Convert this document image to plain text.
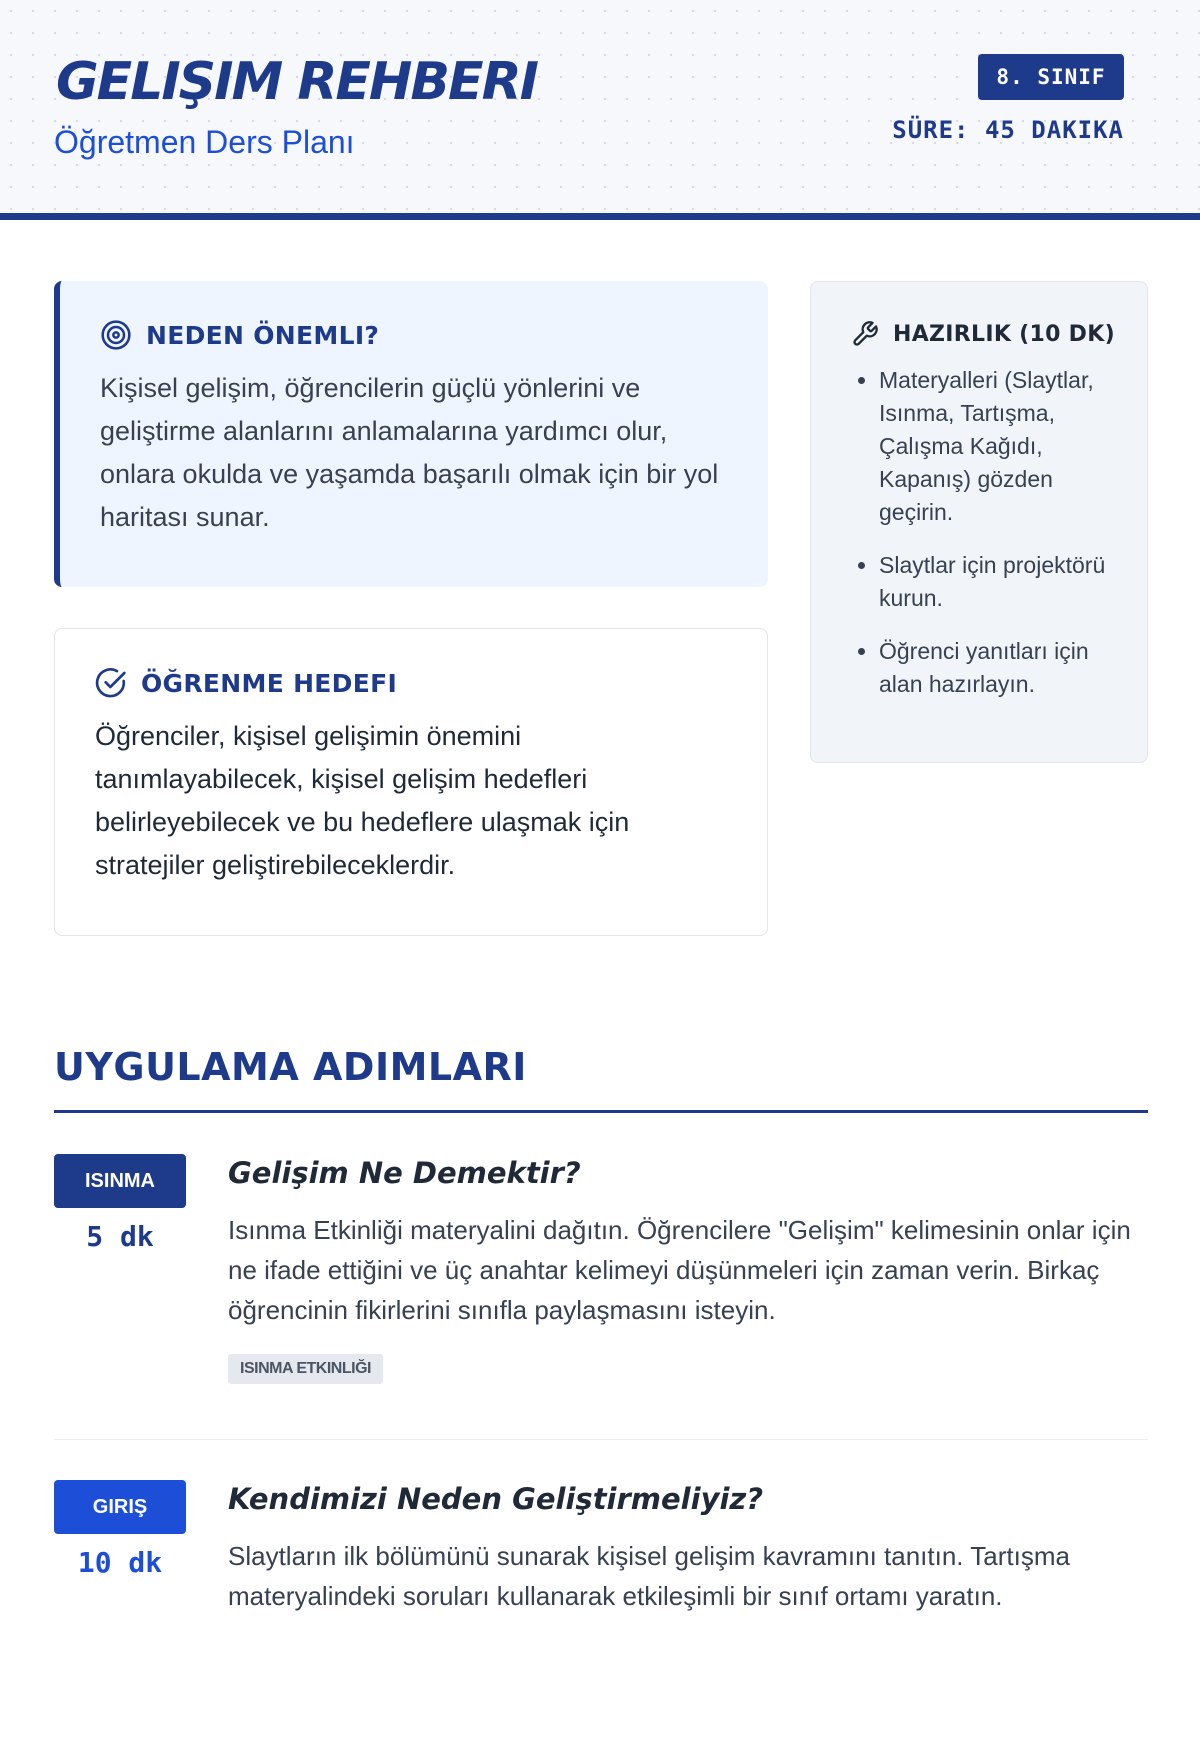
GELIŞIM REHBERI
Öğretmen Ders Planı
8. SINIF
SÜRE: 45 DAKIKA
NEDEN ÖNEMLI?

Kişisel gelişim, öğrencilerin güçlü yönlerini ve geliştirme alanlarını anlamalarına yardımcı olur, onlara okulda ve yaşamda başarılı olmak için bir yol haritası sunar.

ÖĞRENME HEDEFI

Öğrenciler, kişisel gelişimin önemini tanımlayabilecek, kişisel gelişim hedefleri belirleyebilecek ve bu hedeflere ulaşmak için stratejiler geliştirebileceklerdir.

HAZIRLIK (10 DK)
• Materyalleri (Slaytlar, Isınma, Tartışma, Çalışma Kağıdı, Kapanış) gözden geçirin.
• Slaytlar için projektörü kurun.
• Öğrenci yanıtları için alan hazırlayın.
UYGULAMA ADIMLARI
ISINMA
5 dk
Gelişim Ne Demektir?

Isınma Etkinliği materyalini dağıtın. Öğrencilere "Gelişim" kelimesinin onlar için ne ifade ettiğini ve üç anahtar kelimeyi düşünmeleri için zaman verin. Birkaç öğrencinin fikirlerini sınıfla paylaşmasını isteyin.

ISINMA ETKINLIĞI
GIRIŞ
10 dk
Kendimizi Neden Geliştirmeliyiz?

Slaytların ilk bölümünü sunarak kişisel gelişim kavramını tanıtın. Tartışma materyalindeki soruları kullanarak etkileşimli bir sınıf ortamı yaratın.
